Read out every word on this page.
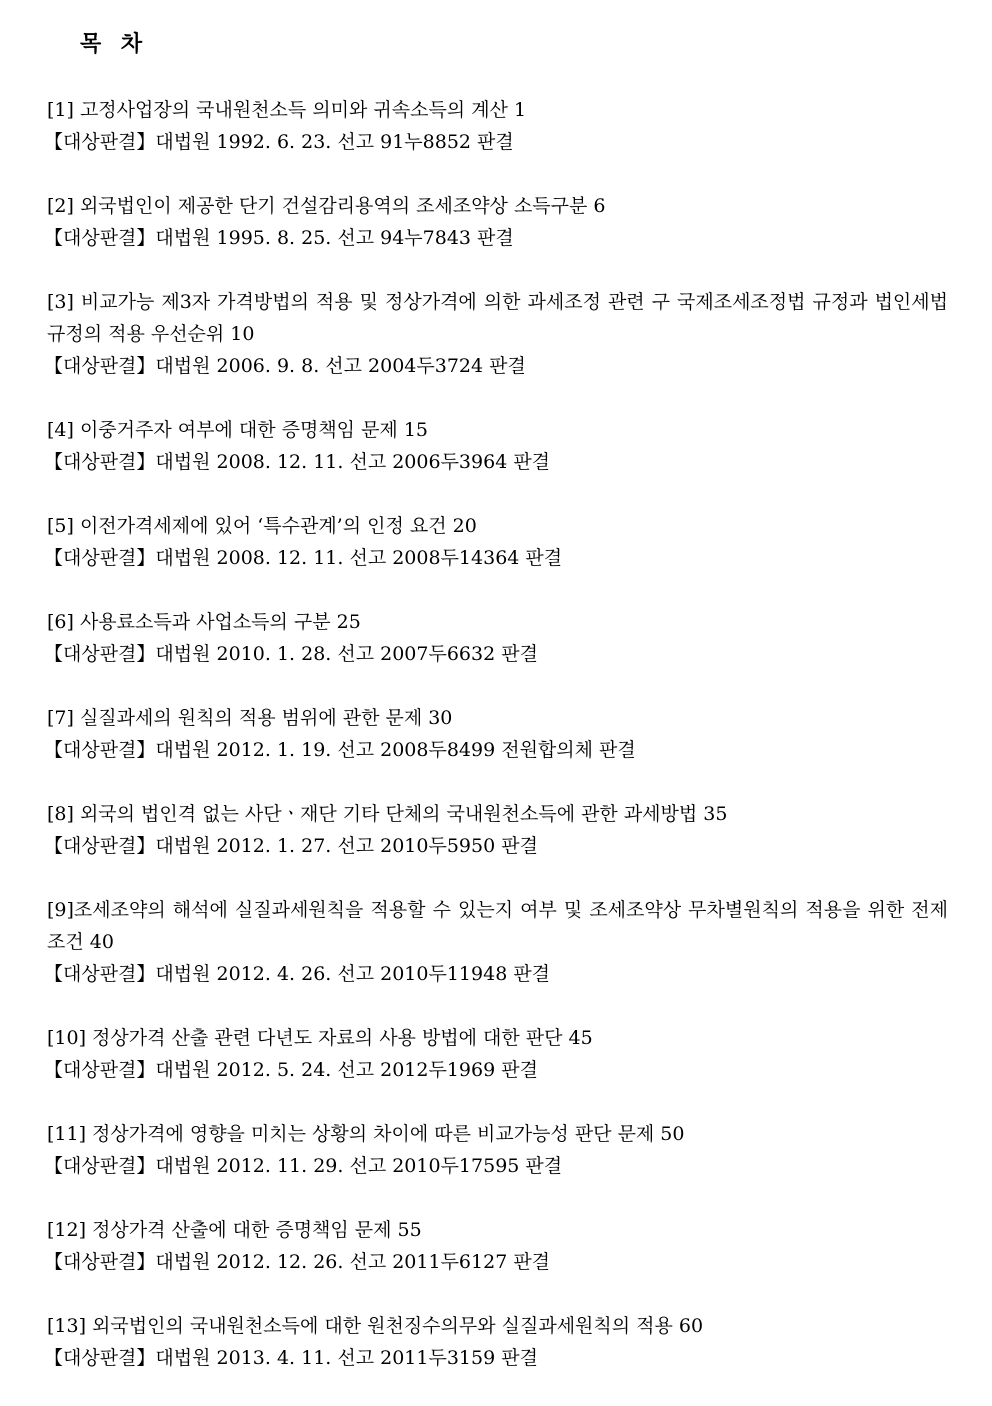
목 차
[1] 고정사업장의 국내원천소득 의미와 귀속소득의 계산 1
【대상판결】대법원 1992. 6. 23. 선고 91누8852 판결
[2] 외국법인이 제공한 단기 건설감리용역의 조세조약상 소득구분 6
【대상판결】대법원 1995. 8. 25. 선고 94누7843 판결
[3] 비교가능 제3자 가격방법의 적용 및 정상가격에 의한 과세조정 관련 구 국제조세조정법 규정과 법인세법 규정의 적용 우선순위 10
【대상판결】대법원 2006. 9. 8. 선고 2004두3724 판결
[4] 이중거주자 여부에 대한 증명책임 문제 15
【대상판결】대법원 2008. 12. 11. 선고 2006두3964 판결
[5] 이전가격세제에 있어 ‘특수관계’의 인정 요건 20
【대상판결】대법원 2008. 12. 11. 선고 2008두14364 판결
[6] 사용료소득과 사업소득의 구분 25
【대상판결】대법원 2010. 1. 28. 선고 2007두6632 판결
[7] 실질과세의 원칙의 적용 범위에 관한 문제 30
【대상판결】대법원 2012. 1. 19. 선고 2008두8499 전원합의체 판결
[8] 외국의 법인격 없는 사단ㆍ재단 기타 단체의 국내원천소득에 관한 과세방법 35
【대상판결】대법원 2012. 1. 27. 선고 2010두5950 판결
[9]조세조약의 해석에 실질과세원칙을 적용할 수 있는지 여부 및 조세조약상 무차별원칙의 적용을 위한 전제조건 40
【대상판결】대법원 2012. 4. 26. 선고 2010두11948 판결
[10] 정상가격 산출 관련 다년도 자료의 사용 방법에 대한 판단 45
【대상판결】대법원 2012. 5. 24. 선고 2012두1969 판결
[11] 정상가격에 영향을 미치는 상황의 차이에 따른 비교가능성 판단 문제 50
【대상판결】대법원 2012. 11. 29. 선고 2010두17595 판결
[12] 정상가격 산출에 대한 증명책임 문제 55
【대상판결】대법원 2012. 12. 26. 선고 2011두6127 판결
[13] 외국법인의 국내원천소득에 대한 원천징수의무와 실질과세원칙의 적용 60
【대상판결】대법원 2013. 4. 11. 선고 2011두3159 판결
